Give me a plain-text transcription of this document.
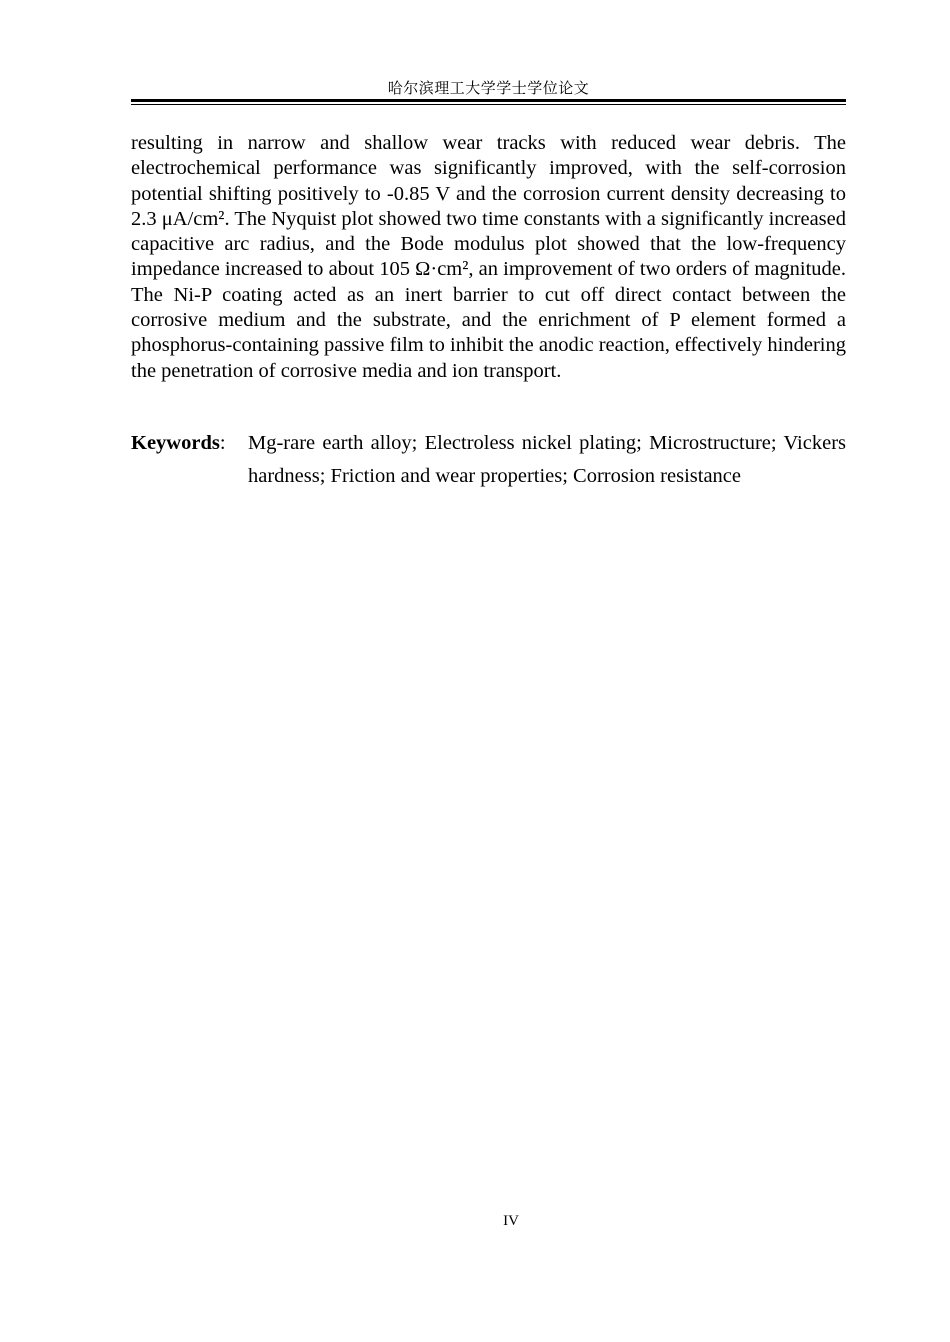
哈尔滨理工大学学士学位论文

resulting in narrow and shallow wear tracks with reduced wear debris. The electrochemical performance was significantly improved, with the self-corrosion potential shifting positively to -0.85 V and the corrosion current density decreasing to 2.3 μA/cm². The Nyquist plot showed two time constants with a significantly increased capacitive arc radius, and the Bode modulus plot showed that the low-frequency impedance increased to about 105 Ω·cm², an improvement of two orders of magnitude. The Ni-P coating acted as an inert barrier to cut off direct contact between the corrosive medium and the substrate, and the enrichment of P element formed a phosphorus-containing passive film to inhibit the anodic reaction, effectively hindering the penetration of corrosive media and ion transport.

Keywords:	Mg-rare earth alloy; Electroless nickel plating; Microstructure; Vickers hardness; Friction and wear properties; Corrosion resistance
IV
